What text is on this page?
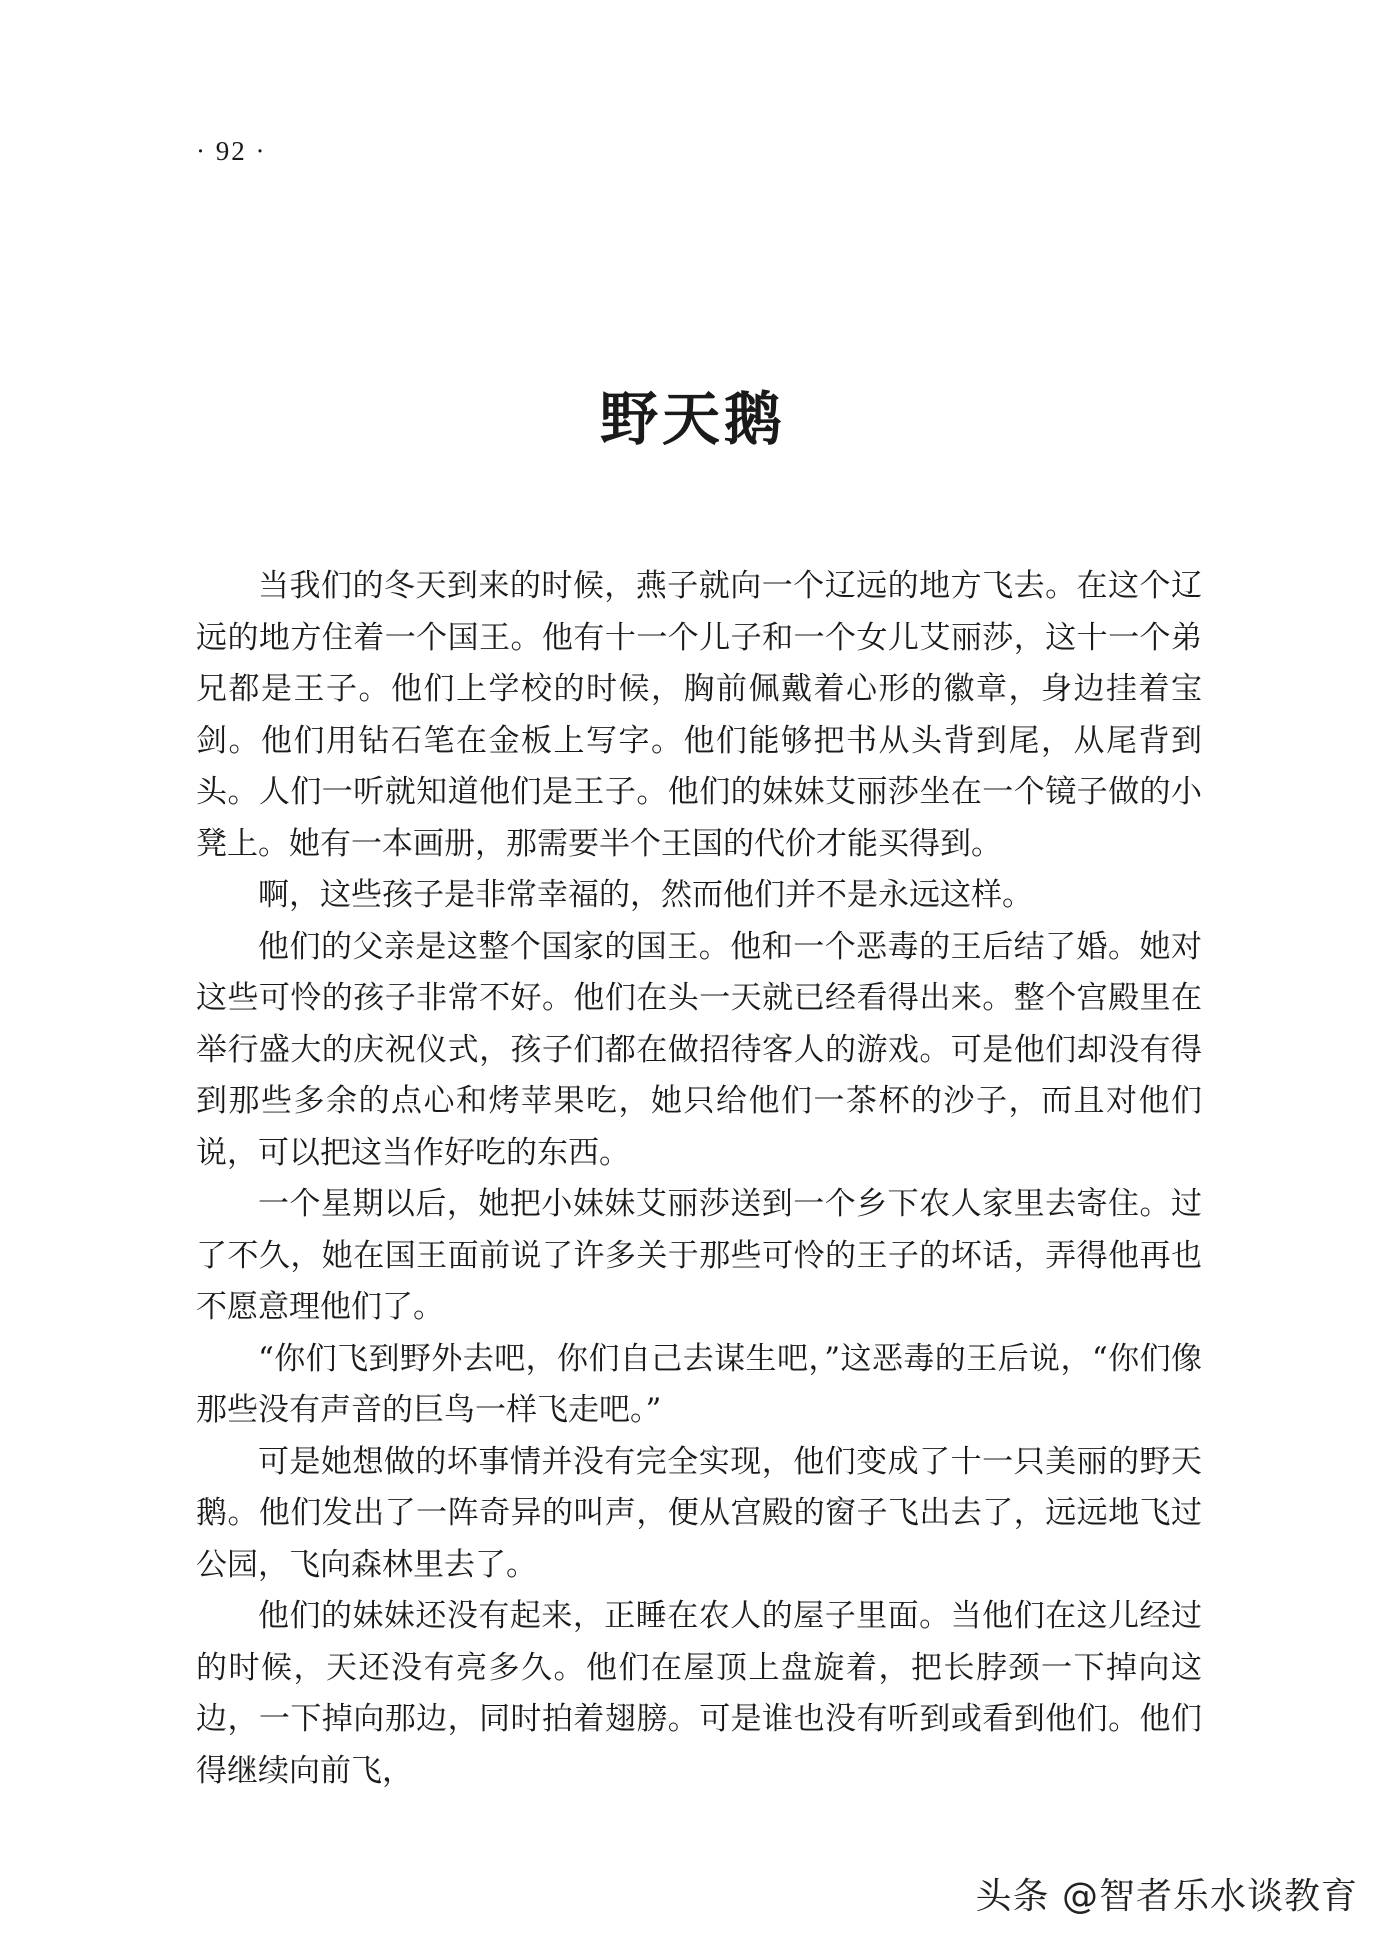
· 92 ·
野天鹅

当我们的冬天到来的时候，燕子就向一个辽远的地方飞去。在这个辽远的地方住着一个国王。他有十一个儿子和一个女儿艾丽莎，这十一个弟兄都是王子。他们上学校的时候，胸前佩戴着心形的徽章，身边挂着宝剑。他们用钻石笔在金板上写字。他们能够把书从头背到尾，从尾背到头。人们一听就知道他们是王子。他们的妹妹艾丽莎坐在一个镜子做的小凳上。她有一本画册，那需要半个王国的代价才能买得到。

啊，这些孩子是非常幸福的，然而他们并不是永远这样。

他们的父亲是这整个国家的国王。他和一个恶毒的王后结了婚。她对这些可怜的孩子非常不好。他们在头一天就已经看得出来。整个宫殿里在举行盛大的庆祝仪式，孩子们都在做招待客人的游戏。可是他们却没有得到那些多余的点心和烤苹果吃，她只给他们一茶杯的沙子，而且对他们说，可以把这当作好吃的东西。

一个星期以后，她把小妹妹艾丽莎送到一个乡下农人家里去寄住。过了不久，她在国王面前说了许多关于那些可怜的王子的坏话，弄得他再也不愿意理他们了。

“你们飞到野外去吧，你们自己去谋生吧，”这恶毒的王后说，“你们像那些没有声音的巨鸟一样飞走吧。”

可是她想做的坏事情并没有完全实现，他们变成了十一只美丽的野天鹅。他们发出了一阵奇异的叫声，便从宫殿的窗子飞出去了，远远地飞过公园，飞向森林里去了。

他们的妹妹还没有起来，正睡在农人的屋子里面。当他们在这儿经过的时候，天还没有亮多久。他们在屋顶上盘旋着，把长脖颈一下掉向这边，一下掉向那边，同时拍着翅膀。可是谁也没有听到或看到他们。他们得继续向前飞，

头条 @智者乐水谈教育
